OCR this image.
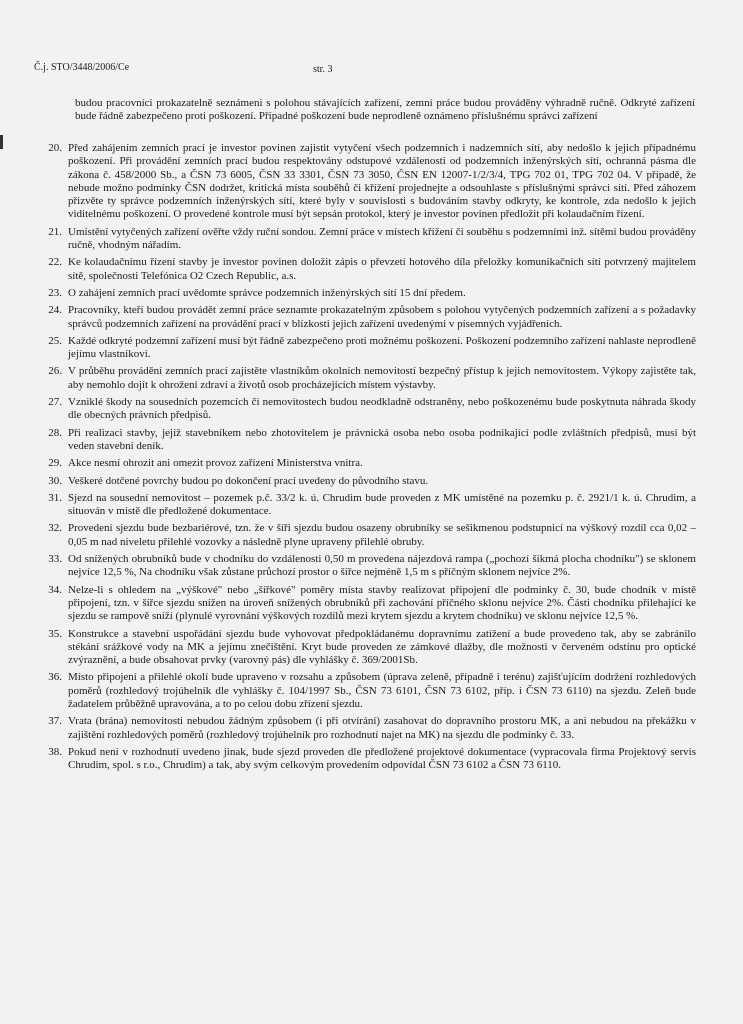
Č.j. STO/3448/2006/Ce	str. 3
budou pracovníci prokazatelně seznámeni s polohou stávajících zařízení, zemní práce budou prováděny výhradně ručně. Odkryté zařízení bude řádně zabezpečeno proti poškození. Případné poškození bude neprodleně oznámeno příslušnému správci zařízení
20. Před zahájením zemních prací je investor povinen zajistit vytyčení všech podzemních i nadzemních sítí, aby nedošlo k jejich případnému poškození. Při provádění zemních prací budou respektovány odstupové vzdálenosti od podzemních inženýrských sítí, ochranná pásma dle zákona č. 458/2000 Sb., a ČSN 73 6005, ČSN 33 3301, ČSN 73 3050, ČSN EN 12007-1/2/3/4, TPG 702 01, TPG 702 04. V případě, že nebude možno podmínky ČSN dodržet, kritická místa souběhů či křížení projednejte a odsouhlaste s příslušnými správci sítí. Před záhozem přizvěte ty správce podzemních inženýrských sítí, které byly v souvislosti s budováním stavby odkryty, ke kontrole, zda nedošlo k jejich viditelnému poškození. O provedené kontrole musí být sepsán protokol, který je investor povinen předložit při kolaudačním řízení.
21. Umístění vytyčených zařízení ověřte vždy ruční sondou. Zemní práce v místech křížení či souběhu s podzemními inž. sítěmi budou prováděny ručně, vhodným nářadím.
22. Ke kolaudačnímu řízení stavby je investor povinen doložit zápis o převzetí hotového díla přeložky komunikačních sítí potvrzený majitelem sítě, společnosti Telefónica O2 Czech Republic, a.s.
23. O zahájení zemních prací uvědomte správce podzemních inženýrských sítí 15 dní předem.
24. Pracovníky, kteří budou provádět zemní práce seznamte prokazatelným způsobem s polohou vytyčených podzemních zařízení a s požadavky správců podzemních zařízení na provádění prací v blízkosti jejich zařízení uvedenými v písemných vyjádřeních.
25. Každé odkryté podzemní zařízení musí být řádně zabezpečeno proti možnému poškození. Poškození podzemního zařízení nahlaste neprodleně jejímu vlastníkovi.
26. V průběhu provádění zemních prací zajistěte vlastníkům okolních nemovitostí bezpečný přístup k jejich nemovitostem. Výkopy zajistěte tak, aby nemohlo dojít k ohrožení zdraví a životů osob procházejících místem výstavby.
27. Vzniklé škody na sousedních pozemcích či nemovitostech budou neodkladně odstraněny, nebo poškozenému bude poskytnuta náhrada škody dle obecných právních předpisů.
28. Při realizaci stavby, jejíž stavebníkem nebo zhotovitelem je právnická osoba nebo osoba podnikající podle zvláštních předpisů, musí být veden stavební deník.
29. Akce nesmí ohrozit ani omezit provoz zařízení Ministerstva vnitra.
30. Veškeré dotčené povrchy budou po dokončení prací uvedeny do původního stavu.
31. Sjezd na sousední nemovitost – pozemek p.č. 33/2 k. ú. Chrudim bude proveden z MK umístěné na pozemku p. č. 2921/1 k. ú. Chrudim, a situován v místě dle předložené dokumentace.
32. Provedení sjezdu bude bezbariérové, tzn. že v šíři sjezdu budou osazeny obrubníky se sešikmenou podstupnicí na výškový rozdíl cca 0,02 – 0,05 m nad niveletu přilehlé vozovky a následně plyne upraveny přilehlé obruby.
33. Od snížených obrubníků bude v chodníku do vzdálenosti 0,50 m provedena nájezdová rampa („pochozí šikmá plocha chodníku") se sklonem nejvíce 12,5 %, Na chodníku však zůstane průchozí prostor o šířce nejméně 1,5 m s příčným sklonem nejvíce 2%.
34. Nelze-li s ohledem na „výškové" nebo „šířkové" poměry místa stavby realizovat připojení dle podmínky č. 30, bude chodník v místě připojení, tzn. v šířce sjezdu snížen na úroveň snížených obrubníků při zachování příčného sklonu nejvíce 2%. Části chodníku přilehající ke sjezdu se rampově sníží (plynulé vyrovnání výškových rozdílů mezi krytem sjezdu a krytem chodníku) ve sklonu nejvíce 12,5 %.
35. Konstrukce a stavební uspořádání sjezdu bude vyhovovat předpokládanému dopravnímu zatížení a bude provedeno tak, aby se zabránilo stékání srážkové vody na MK a jejímu znečištění. Kryt bude proveden ze zámkové dlažby, dle možnosti v červeném odstínu pro optické zvýraznění, a bude obsahovat prvky (varovný pás) dle vyhlášky č. 369/2001Sb.
36. Místo připojení a přilehlé okolí bude upraveno v rozsahu a způsobem (úprava zeleně, případně i terénu) zajišťujícím dodržení rozhledových poměrů (rozhledový trojúhelník dle vyhlášky č. 104/1997 Sb., ČSN 73 6101, ČSN 73 6102, příp. i ČSN 73 6110) na sjezdu. Zeleň bude žadatelem průběžně upravována, a to po celou dobu zřízení sjezdu.
37. Vrata (brána) nemovitosti nebudou žádným způsobem (i při otvírání) zasahovat do dopravního prostoru MK, a ani nebudou na překážku v zajištění rozhledových poměrů (rozhledový trojúhelník pro rozhodnutí najet na MK) na sjezdu dle podmínky č. 33.
38. Pokud není v rozhodnutí uvedeno jinak, bude sjezd proveden dle předložené projektové dokumentace (vypracovala firma Projektový servis Chrudim, spol. s r.o., Chrudim) a tak, aby svým celkovým provedením odpovídal ČSN 73 6102 a ČSN 73 6110.
